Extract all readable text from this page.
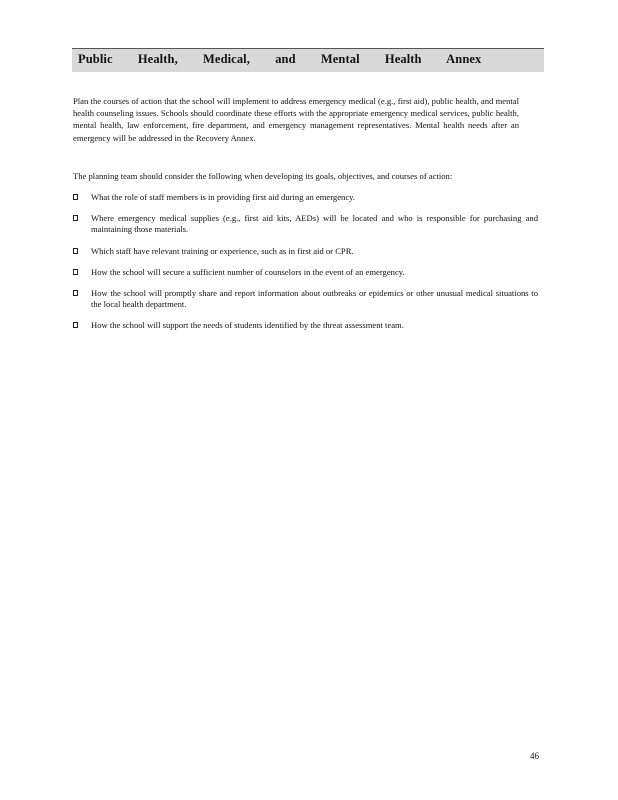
Public Health, Medical, and Mental Health Annex

Plan the courses of action that the school will implement to address emergency medical (e.g., first aid), public health, and mental health counseling issues. Schools should coordinate these efforts with the appropriate emergency medical services, public health, mental health, law enforcement, fire department, and emergency management representatives. Mental health needs after an emergency will be addressed in the Recovery Annex.

The planning team should consider the following when developing its goals, objectives, and courses of action:

What the role of staff members is in providing first aid during an emergency.
Where emergency medical supplies (e.g., first aid kits, AEDs) will be located and who is responsible for purchasing and maintaining those materials.
Which staff have relevant training or experience, such as in first aid or CPR.
How the school will secure a sufficient number of counselors in the event of an emergency.
How the school will promptly share and report information about outbreaks or epidemics or other unusual medical situations to the local health department.
How the school will support the needs of students identified by the threat assessment team.
46
